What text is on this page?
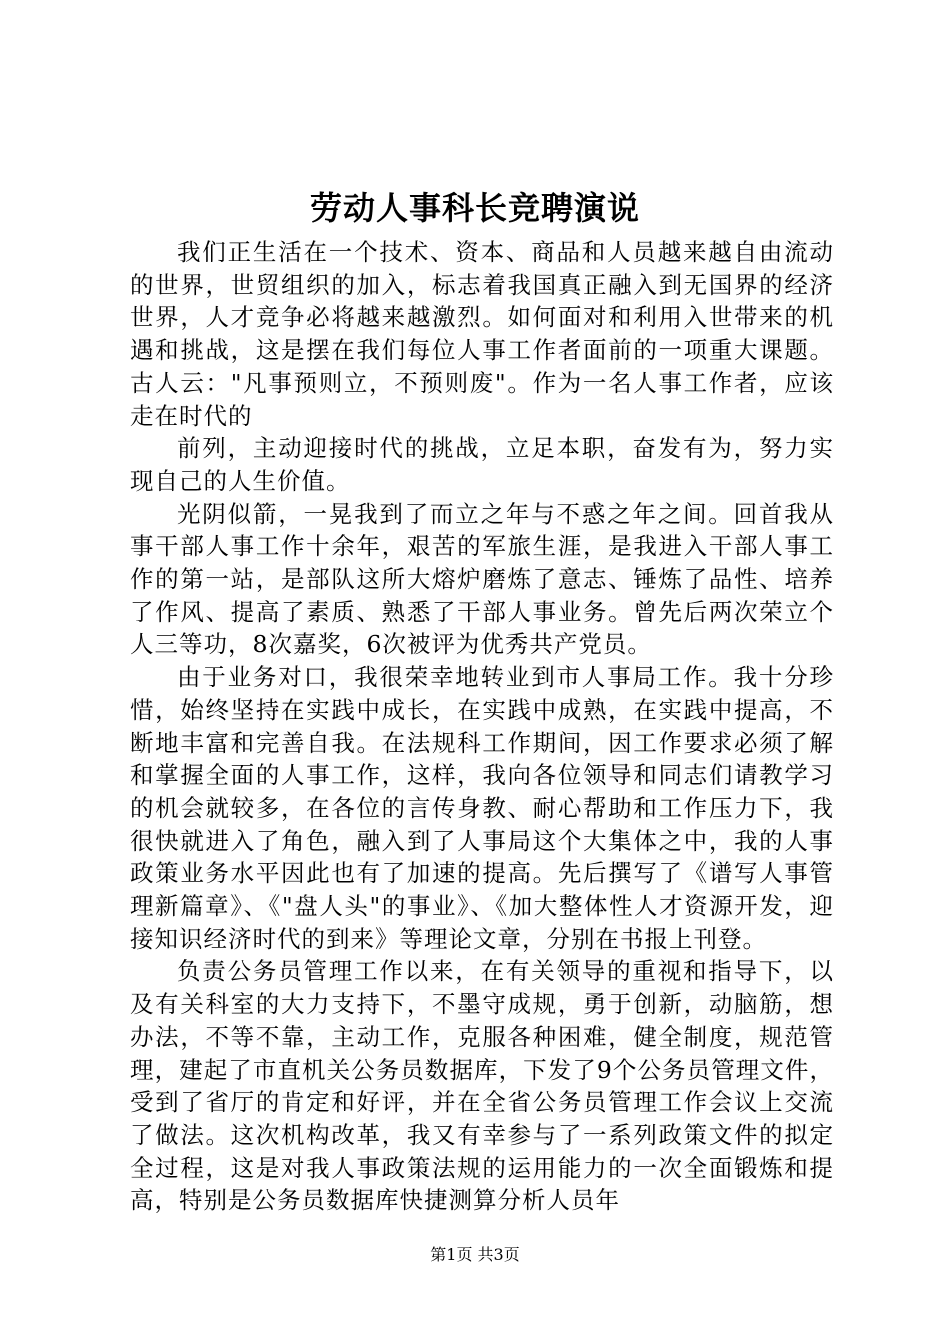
劳动人事科长竞聘演说

我们正生活在一个技术、资本、商品和人员越来越自由流动的世界，世贸组织的加入，标志着我国真正融入到无国界的经济世界，人才竞争必将越来越激烈。如何面对和利用入世带来的机遇和挑战，这是摆在我们每位人事工作者面前的一项重大课题。古人云："凡事预则立，不预则废"。作为一名人事工作者，应该走在时代的

前列，主动迎接时代的挑战，立足本职，奋发有为，努力实现自己的人生价值。

光阴似箭，一晃我到了而立之年与不惑之年之间。回首我从事干部人事工作十余年，艰苦的军旅生涯，是我进入干部人事工作的第一站，是部队这所大熔炉磨炼了意志、锤炼了品性、培养了作风、提高了素质、熟悉了干部人事业务。曾先后两次荣立个人三等功，8次嘉奖，6次被评为优秀共产党员。

由于业务对口，我很荣幸地转业到市人事局工作。我十分珍惜，始终坚持在实践中成长，在实践中成熟，在实践中提高，不断地丰富和完善自我。在法规科工作期间，因工作要求必须了解和掌握全面的人事工作，这样，我向各位领导和同志们请教学习的机会就较多，在各位的言传身教、耐心帮助和工作压力下，我很快就进入了角色，融入到了人事局这个大集体之中，我的人事政策业务水平因此也有了加速的提高。先后撰写了《谱写人事管理新篇章》、《"盘人头"的事业》、《加大整体性人才资源开发，迎接知识经济时代的到来》等理论文章，分别在书报上刊登。

负责公务员管理工作以来，在有关领导的重视和指导下，以及有关科室的大力支持下，不墨守成规，勇于创新，动脑筋，想办法，不等不靠，主动工作，克服各种困难，健全制度，规范管理，建起了市直机关公务员数据库，下发了9个公务员管理文件，受到了省厅的肯定和好评，并在全省公务员管理工作会议上交流了做法。这次机构改革，我又有幸参与了一系列政策文件的拟定全过程，这是对我人事政策法规的运用能力的一次全面锻炼和提高，特别是公务员数据库快捷测算分析人员年

第1页 共3页
